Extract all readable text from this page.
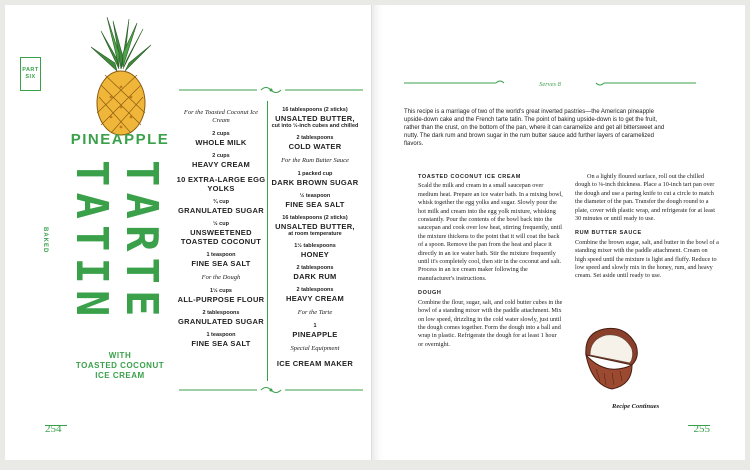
PART
SIX
PINEAPPLE
TARTE
TATIN
BAKED
WITH
TOASTED COCONUT
ICE CREAM
For the Toasted Coconut Ice Cream
2 cups
WHOLE MILK
2 cups
HEAVY CREAM
10 EXTRA-LARGE EGG YOLKS
¾ cup
GRANULATED SUGAR
½ cup
UNSWEETENED TOASTED COCONUT
1 teaspoon
FINE SEA SALT
For the Dough
1½ cups
ALL-PURPOSE FLOUR
2 tablespoons
GRANULATED SUGAR
1 teaspoon
FINE SEA SALT
16 tablespoons (2 sticks)
UNSALTED BUTTER,
cut into ½-inch cubes and chilled
2 tablespoons
COLD WATER
For the Rum Butter Sauce
1 packed cup
DARK BROWN SUGAR
½ teaspoon
FINE SEA SALT
16 tablespoons (2 sticks)
UNSALTED BUTTER,
at room temperature
1½ tablespoons
HONEY
2 tablespoons
DARK RUM
2 tablespoons
HEAVY CREAM
For the Tarte
1
PINEAPPLE
Special Equipment
ICE CREAM MAKER
254
Serves 8
This recipe is a marriage of two of the world's great inverted pastries—the American pineapple upside-down cake and the French tarte tatin. The point of baking upside-down is to get the fruit, rather than the crust, on the bottom of the pan, where it can caramelize and get all bittersweet and nutty. The dark rum and brown sugar in the rum butter sauce add further layers of caramelized flavors.
TOASTED COCONUT ICE CREAM
Scald the milk and cream in a small saucepan over medium heat. Prepare an ice water bath. In a mixing bowl, whisk together the egg yolks and sugar. Slowly pour the hot milk and cream into the egg yolk mixture, whisking constantly. Pour the contents of the bowl back into the saucepan and cook over low heat, stirring frequently, until the mixture thickens to the point that it will coat the back of a spoon. Remove the pan from the heat and place it directly in an ice water bath. Stir the mixture frequently until it's completely cool, then stir in the coconut and salt. Process in an ice cream maker following the manufacturer's instructions.
DOUGH
Combine the flour, sugar, salt, and cold butter cubes in the bowl of a standing mixer with the paddle attachment. Mix on low speed, drizzling in the cold water slowly, just until the dough comes together. Form the dough into a ball and wrap in plastic. Refrigerate the dough for at least 1 hour or overnight.
On a lightly floured surface, roll out the chilled dough to ⅛-inch thickness. Place a 10-inch tart pan over the dough and use a paring knife to cut a circle to match the diameter of the pan. Transfer the dough round to a plate, cover with plastic wrap, and refrigerate for at least 30 minutes or until ready to use.
RUM BUTTER SAUCE
Combine the brown sugar, salt, and butter in the bowl of a standing mixer with the paddle attachment. Cream on high speed until the mixture is light and fluffy. Reduce to low speed and slowly mix in the honey, rum, and heavy cream. Set aside until ready to use.
Recipe Continues
255
